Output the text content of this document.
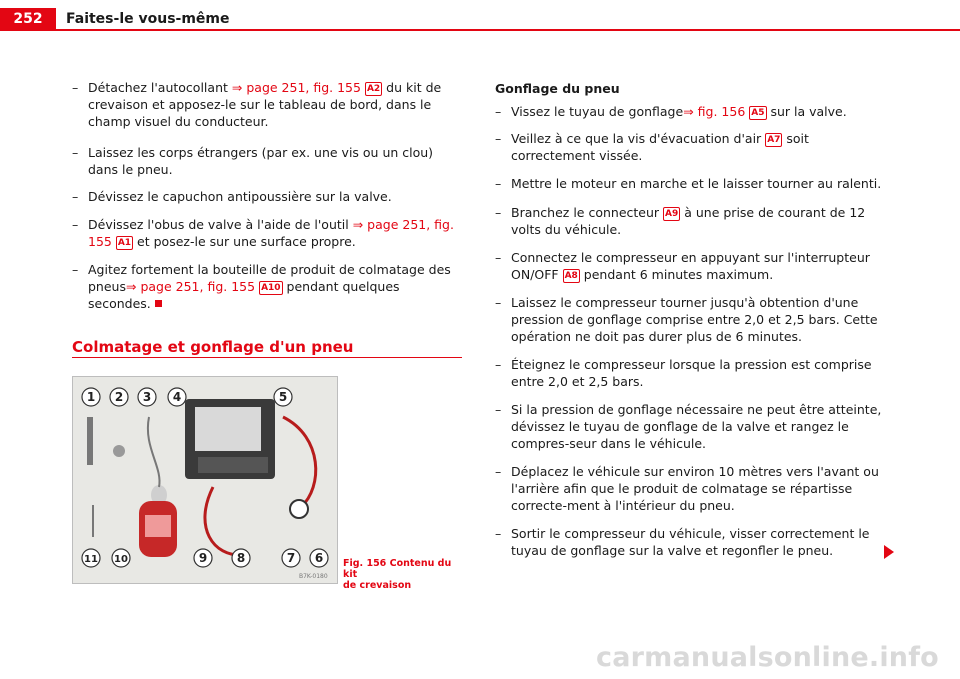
252	Faites-le vous-même
– Détachez l'autocollant ⇒ page 251, fig. 155 A2 du kit de crevaison et apposez-le sur le tableau de bord, dans le champ visuel du conducteur.
– Laissez les corps étrangers (par ex. une vis ou un clou) dans le pneu.
– Dévissez le capuchon antipoussière sur la valve.
– Dévissez l'obus de valve à l'aide de l'outil ⇒ page 251, fig. 155 A1 et posez-le sur une surface propre.
– Agitez fortement la bouteille de produit de colmatage des pneus⇒ page 251, fig. 155 A10 pendant quelques secondes.
Colmatage et gonflage d'un pneu
1 2 3 4	5
11 10	9 8	7 6
B7K-0180
Fig. 156 Contenu du kit
de crevaison
Gonflage du pneu
– Vissez le tuyau de gonflage⇒ fig. 156 A5 sur la valve.
– Veillez à ce que la vis d'évacuation d'air A7 soit correctement vissée.
– Mettre le moteur en marche et le laisser tourner au ralenti.
– Branchez le connecteur A9 à une prise de courant de 12 volts du véhicule.
– Connectez le compresseur en appuyant sur l'interrupteur ON/OFF A8 pendant 6 minutes maximum.
– Laissez le compresseur tourner jusqu'à obtention d'une pression de gonflage comprise entre 2,0 et 2,5 bars. Cette opération ne doit pas durer plus de 6 minutes.
– Éteignez le compresseur lorsque la pression est comprise entre 2,0 et 2,5 bars.
– Si la pression de gonflage nécessaire ne peut être atteinte, dévissez le tuyau de gonflage de la valve et rangez le compres-seur dans le véhicule.
– Déplacez le véhicule sur environ 10 mètres vers l'avant ou l'arrière afin que le produit de colmatage se répartisse correcte-ment à l'intérieur du pneu.
– Sortir le compresseur du véhicule, visser correctement le tuyau de gonflage sur la valve et regonfler le pneu.
carmanualsonline.info
